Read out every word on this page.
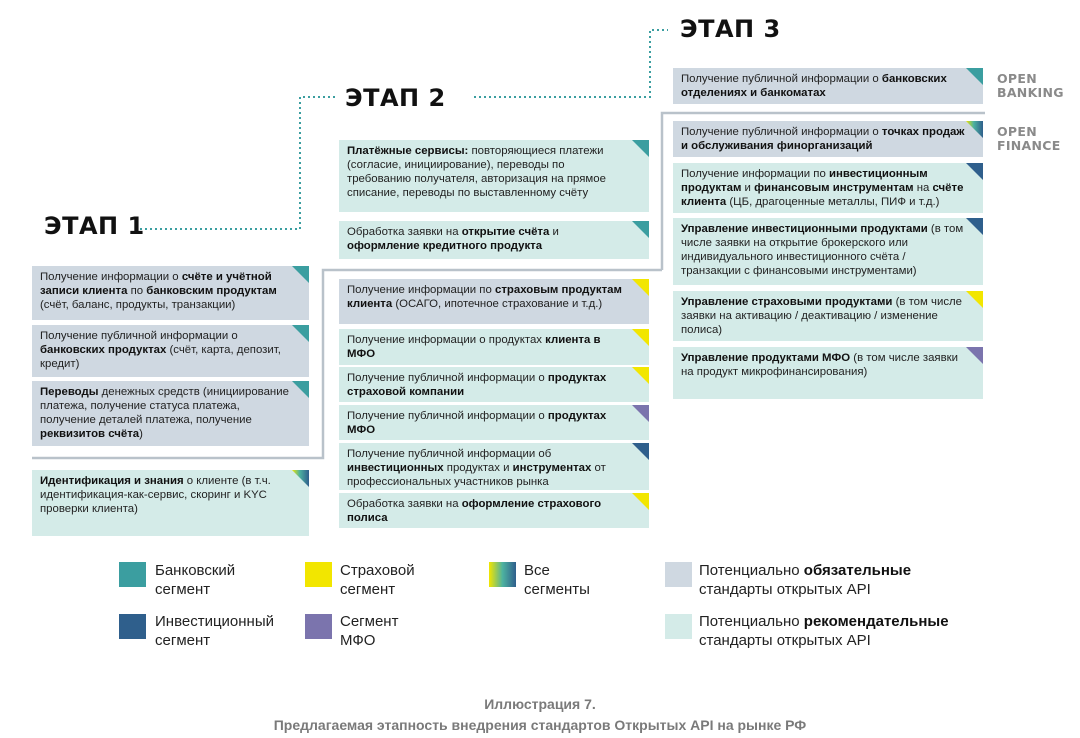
ЭТАП 1
ЭТАП 2
ЭТАП 3
OPEN
BANKING
OPEN
FINANCE
Получение информации о счёте и учётной записи клиента по банковским продуктам (счёт, баланс, продукты, транзакции)
Получение публичной информации о банковских продуктах (счёт, карта, депозит, кредит)
Переводы денежных средств (инициирование платежа, получение статуса платежа, получение деталей платежа, получение реквизитов счёта)
Идентификация и знания о клиенте (в т.ч. идентификация-как-сервис, скоринг и KYC проверки клиента)
Платёжные сервисы: повторяющиеся платежи (согласие, инициирование), переводы по требованию получателя, авторизация на прямое списание, переводы по выставленному счёту
Обработка заявки на открытие счёта и оформление кредитного продукта
Получение информации по страховым продуктам клиента (ОСАГО, ипотечное страхование и т.д.)
Получение информации о продуктах клиента в МФО
Получение публичной информации о продуктах страховой компании
Получение публичной информации о продуктах МФО
Получение публичной информации об инвестиционных продуктах и инструментах от профессиональных участников рынка
Обработка заявки на оформление страхового полиса
Получение публичной информации о банковских отделениях и банкоматах
Получение публичной информации о точках продаж и обслуживания финорганизаций
Получение информации по инвестиционным продуктам и финансовым инструментам на счёте клиента (ЦБ, драгоценные металлы, ПИФ и т.д.)
Управление инвестиционными продуктами (в том числе заявки на открытие брокерского или индивидуального инвестиционного счёта / транзакции с финансовыми инструментами)
Управление страховыми продуктами (в том числе заявки на активацию / деактивацию / изменение полиса)
Управление продуктами МФО (в том числе заявки на продукт микрофинансирования)
Банковский
сегмент
Страховой
сегмент
Все
сегменты
Инвестиционный
сегмент
Сегмент
МФО
Потенциально обязательные
стандарты открытых API
Потенциально рекомендательные
стандарты открытых API
Иллюстрация 7.
Предлагаемая этапность внедрения стандартов Открытых API на рынке РФ
